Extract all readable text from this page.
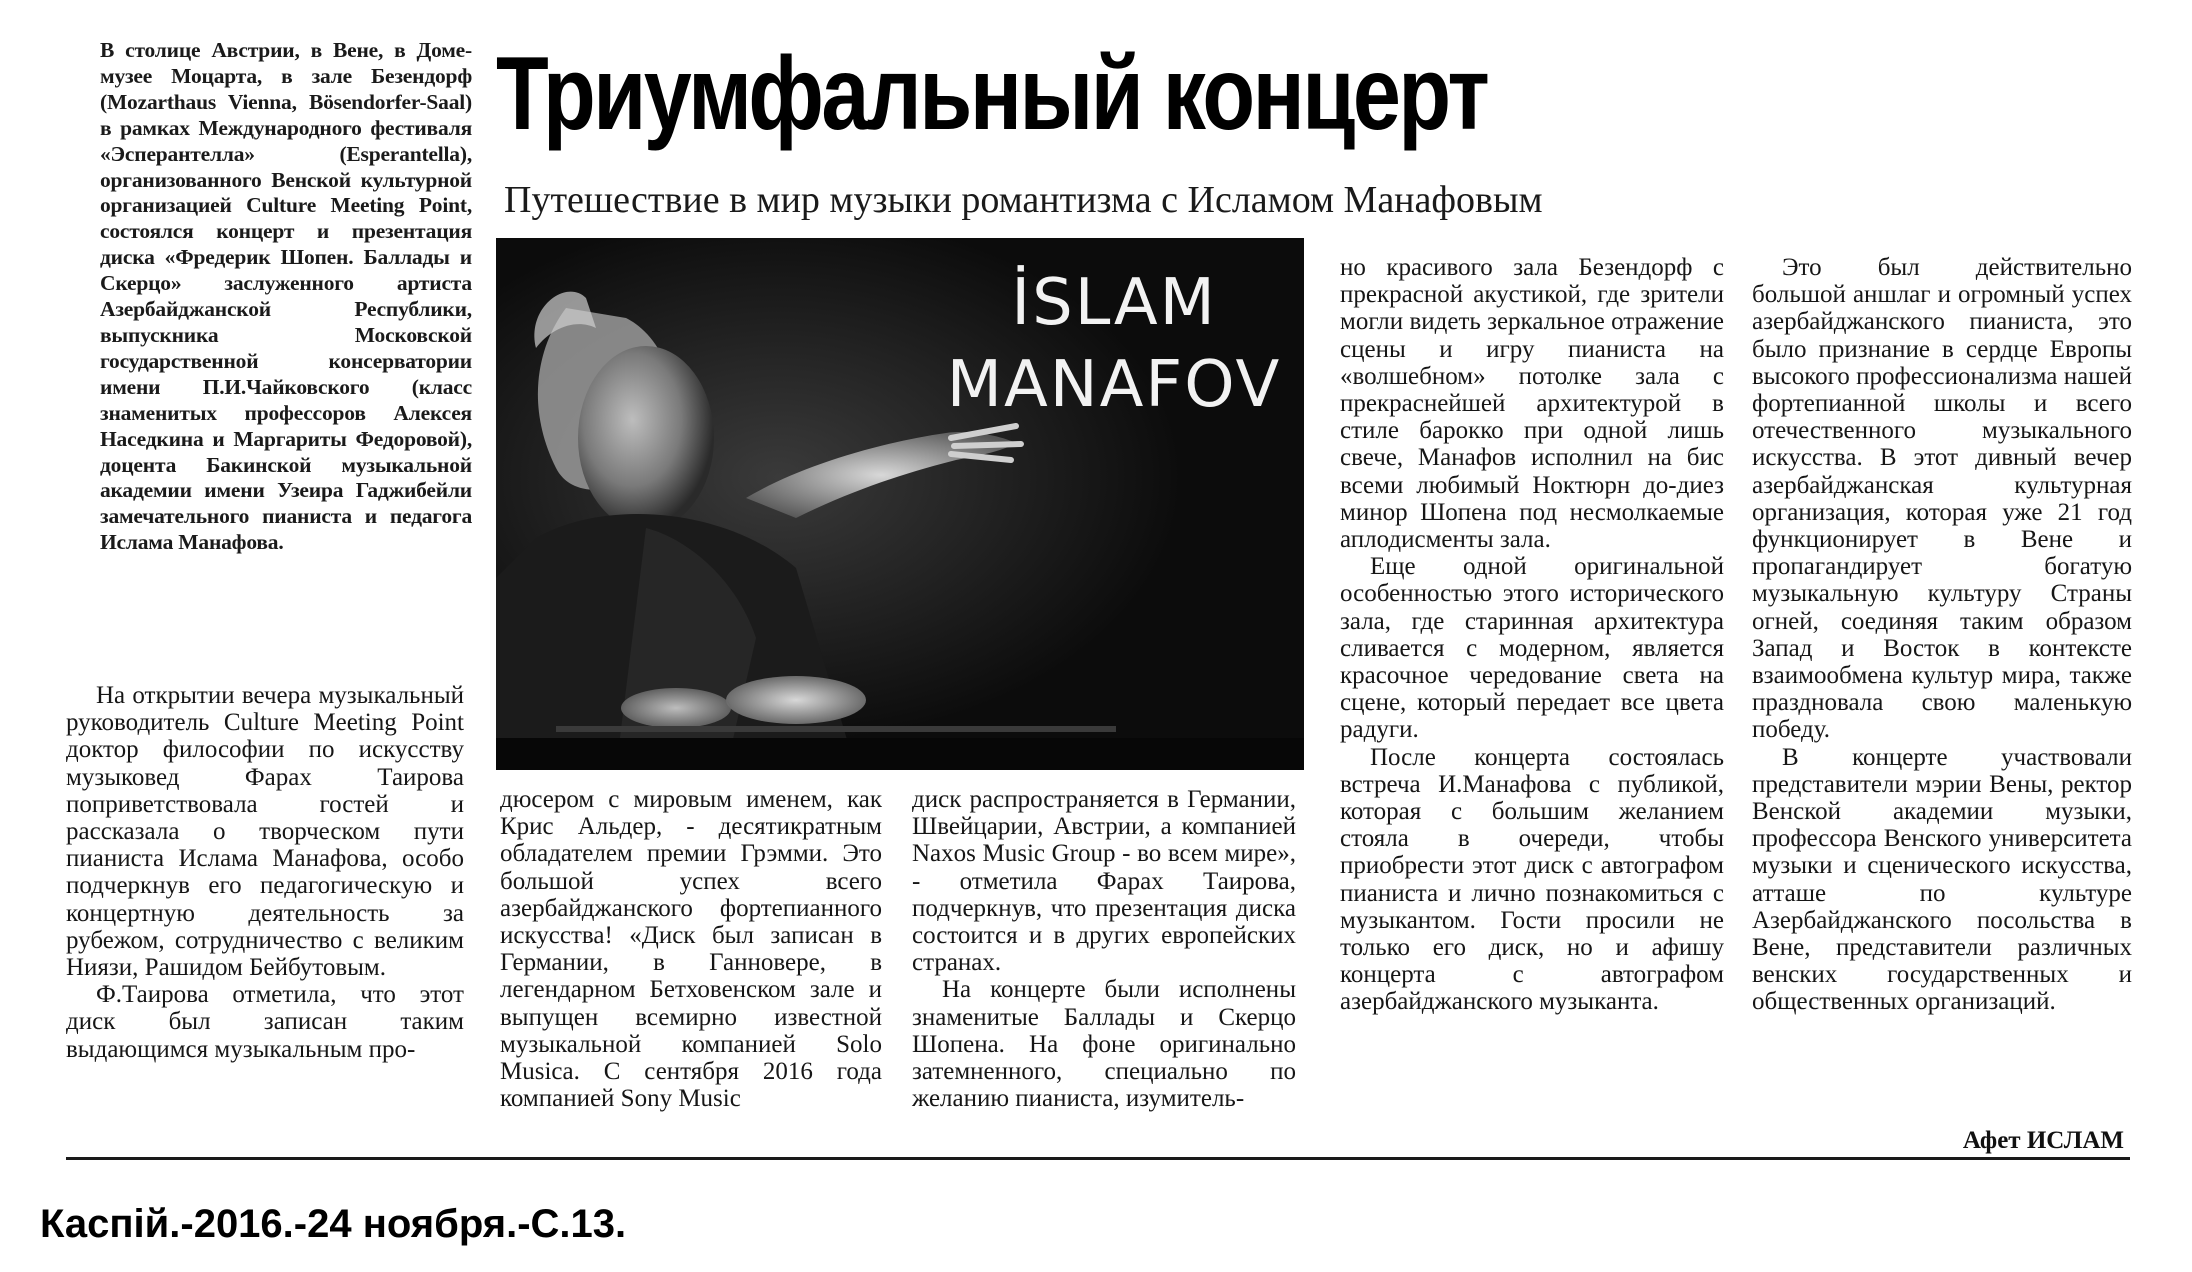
В столице Австрии, в Вене, в Доме-музее Моцарта, в зале Безендорф (Mozarthaus Vienna, Bösendorfer-Saal) в рамках Международного фестиваля «Эсперантелла» (Esperantella), организованного Венской культурной организацией Culture Meeting Point, состоялся концерт и презентация диска «Фредерик Шопен. Баллады и Скерцо» заслуженного артиста Азербайджанской Республики, выпускника Московской государственной консерватории имени П.И.Чайковского (класс знаменитых профессоров Алексея Наседкина и Маргариты Федоровой), доцента Бакинской музыкальной академии имени Узеира Гаджибейли замечательного пианиста и педагога Ислама Манафова.
Триумфальный концерт
Путешествие в мир музыки романтизма с Исламом Манафовым
İSLAM
MANAFOV

На открытии вечера музыкальный руководитель Culture Meeting Point доктор философии по искусству музыковед Фарах Таирова поприветствовала гостей и рассказала о творческом пути пианиста Ислама Манафова, особо подчеркнув его педагогическую и концертную деятельность за рубежом, сотрудничество с великим Ниязи, Рашидом Бейбутовым.

Ф.Таирова отметила, что этот диск был записан таким выдающимся музыкальным про-

дюсером с мировым именем, как Крис Альдер, - десятикратным обладателем премии Грэмми. Это большой успех всего азербайджанского фортепианного искусства! «Диск был записан в Германии, в Ганновере, в легендарном Бетховенском зале и выпущен всемирно известной музыкальной компанией Solo Musica. С сентября 2016 года компанией Sony Music

диск распространяется в Германии, Швейцарии, Австрии, а компанией Naxos Music Group - во всем мире», - отметила Фарах Таирова, подчеркнув, что презентация диска состоится и в других европейских странах.

На концерте были исполнены знаменитые Баллады и Скерцо Шопена. На фоне оригинально затемненного, специально по желанию пианиста, изумитель-

но красивого зала Безендорф с прекрасной акустикой, где зрители могли видеть зеркальное отражение сцены и игру пианиста на «волшебном» потолке зала с прекраснейшей архитектурой в стиле барокко при одной лишь свече, Манафов исполнил на бис всеми любимый Ноктюрн до-диез минор Шопена под несмолкаемые аплодисменты зала.

Еще одной оригинальной особенностью этого исторического зала, где старинная архитектура сливается с модерном, является красочное чередование света на сцене, который передает все цвета радуги.

После концерта состоялась встреча И.Манафова с публикой, которая с большим желанием стояла в очереди, чтобы приобрести этот диск с автографом пианиста и лично познакомиться с музыкантом. Гости просили не только его диск, но и афишу концерта с автографом азербайджанского музыканта.

Это был действительно большой аншлаг и огромный успех азербайджанского пианиста, это было признание в сердце Европы высокого профессионализма нашей фортепианной школы и всего отечественного музыкального искусства. В этот дивный вечер азербайджанская культурная организация, которая уже 21 год функционирует в Вене и пропагандирует богатую музыкальную культуру Страны огней, соединяя таким образом Запад и Восток в контексте взаимообмена культур мира, также праздновала свою маленькую победу.

В концерте участвовали представители мэрии Вены, ректор Венской академии музыки, профессора Венского университета музыки и сценического искусства, атташе по культуре Азербайджанского посольства в Вене, представители различных венских государственных и общественных организаций.

Афет ИСЛАМ
Каспій.-2016.-24 ноября.-С.13.
